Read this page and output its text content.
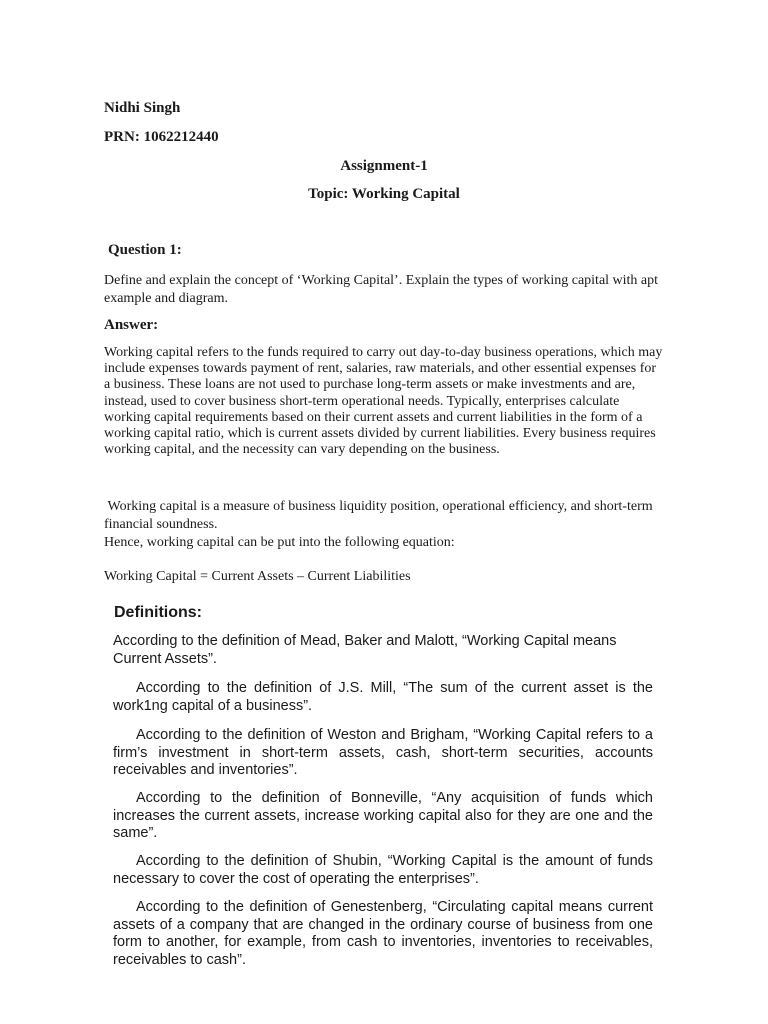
Nidhi Singh

PRN: 1062212440

Assignment-1

Topic: Working Capital

Question 1:

Define and explain the concept of ‘Working Capital’. Explain the types of working capital with apt example and diagram.

Answer:

Working capital refers to the funds required to carry out day-to-day business operations, which may include expenses towards payment of rent, salaries, raw materials, and other essential expenses for a business. These loans are not used to purchase long-term assets or make investments and are, instead, used to cover business short-term operational needs. Typically, enterprises calculate working capital requirements based on their current assets and current liabilities in the form of a working capital ratio, which is current assets divided by current liabilities. Every business requires working capital, and the necessity can vary depending on the business.

Working capital is a measure of business liquidity position, operational efficiency, and short-term financial soundness.
Hence, working capital can be put into the following equation:

Working Capital = Current Assets – Current Liabilities

Definitions:

According to the definition of Mead, Baker and Malott, “Working Capital means Current Assets”.

According to the definition of J.S. Mill, “The sum of the current asset is the work1ng capital of a business”.

According to the definition of Weston and Brigham, “Working Capital refers to a firm’s investment in short-term assets, cash, short-term securities, accounts receivables and inventories”.

According to the definition of Bonneville, “Any acquisition of funds which increases the current assets, increase working capital also for they are one and the same”.

According to the definition of Shubin, “Working Capital is the amount of funds necessary to cover the cost of operating the enterprises”.

According to the definition of Genestenberg, “Circulating capital means current assets of a company that are changed in the ordinary course of business from one form to another, for example, from cash to inventories, inventories to receivables, receivables to cash”.
